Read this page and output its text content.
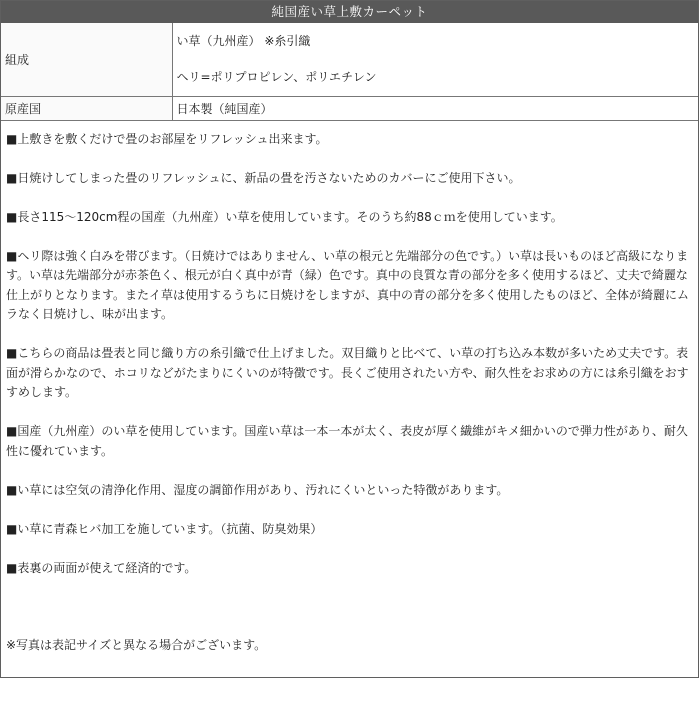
純国産い草上敷カーペット
組成	い草（九州産） ※糸引織
ヘリ=ポリプロピレン、ポリエチレン

原産国	日本製（純国産）

■上敷きを敷くだけで畳のお部屋をリフレッシュ出来ます。

■日焼けしてしまった畳のリフレッシュに、新品の畳を汚さないためのカバーにご使用下さい。

■長さ115～120cm程の国産（九州産）い草を使用しています。そのうち約88ｃｍを使用しています。

■ヘリ際は強く白みを帯びます。（日焼けではありません、い草の根元と先端部分の色です。）い草は長いものほど高級になります。い草は先端部分が赤茶色く、根元が白く真中が青（緑）色です。真中の良質な青の部分を多く使用するほど、丈夫で綺麗な仕上がりとなります。またイ草は使用するうちに日焼けをしますが、真中の青の部分を多く使用したものほど、全体が綺麗にムラなく日焼けし、味が出ます。

■こちらの商品は畳表と同じ織り方の糸引織で仕上げました。双目織りと比べて、い草の打ち込み本数が多いため丈夫です。表面が滑らかなので、ホコリなどがたまりにくいのが特徴です。長くご使用されたい方や、耐久性をお求めの方には糸引織をおすすめします。

■国産（九州産）のい草を使用しています。国産い草は一本一本が太く、表皮が厚く繊維がキメ細かいので弾力性があり、耐久性に優れています。

■い草には空気の清浄化作用、湿度の調節作用があり、汚れにくいといった特徴があります。

■い草に青森ヒバ加工を施しています。（抗菌、防臭効果）

■表裏の両面が使えて経済的です。

※写真は表記サイズと異なる場合がございます。
